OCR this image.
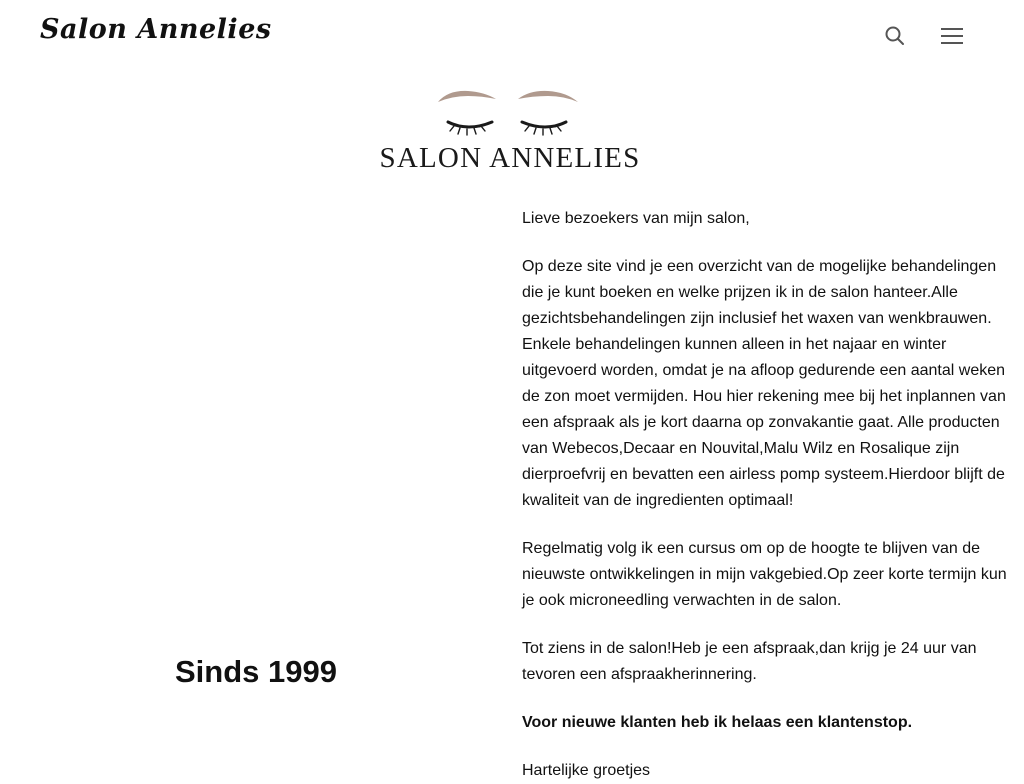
Salon Annelies
SALON ANNELIES
Sinds 1999

Lieve bezoekers van mijn salon,

Op deze site vind je een overzicht van de mogelijke behandelingen die je kunt boeken en welke prijzen ik in de salon hanteer.Alle gezichtsbehandelingen zijn inclusief het waxen van wenkbrauwen. Enkele behandelingen kunnen alleen in het najaar en winter uitgevoerd worden, omdat je na afloop gedurende een aantal weken de zon moet vermijden. Hou hier rekening mee bij het inplannen van een afspraak als je kort daarna op zonvakantie gaat. Alle producten van Webecos,Decaar en Nouvital,Malu Wilz en Rosalique zijn dierproefvrij en bevatten een airless pomp systeem.Hierdoor blijft de kwaliteit van de ingredienten optimaal!

Regelmatig volg ik een cursus om op de hoogte te blijven van de nieuwste ontwikkelingen in mijn vakgebied.Op zeer korte termijn kun je ook microneedling verwachten in de salon.

Tot ziens in de salon!Heb je een afspraak,dan krijg je 24 uur van tevoren een afspraakherinnering.

Voor nieuwe klanten heb ik helaas een klantenstop.

Hartelijke groetjes
